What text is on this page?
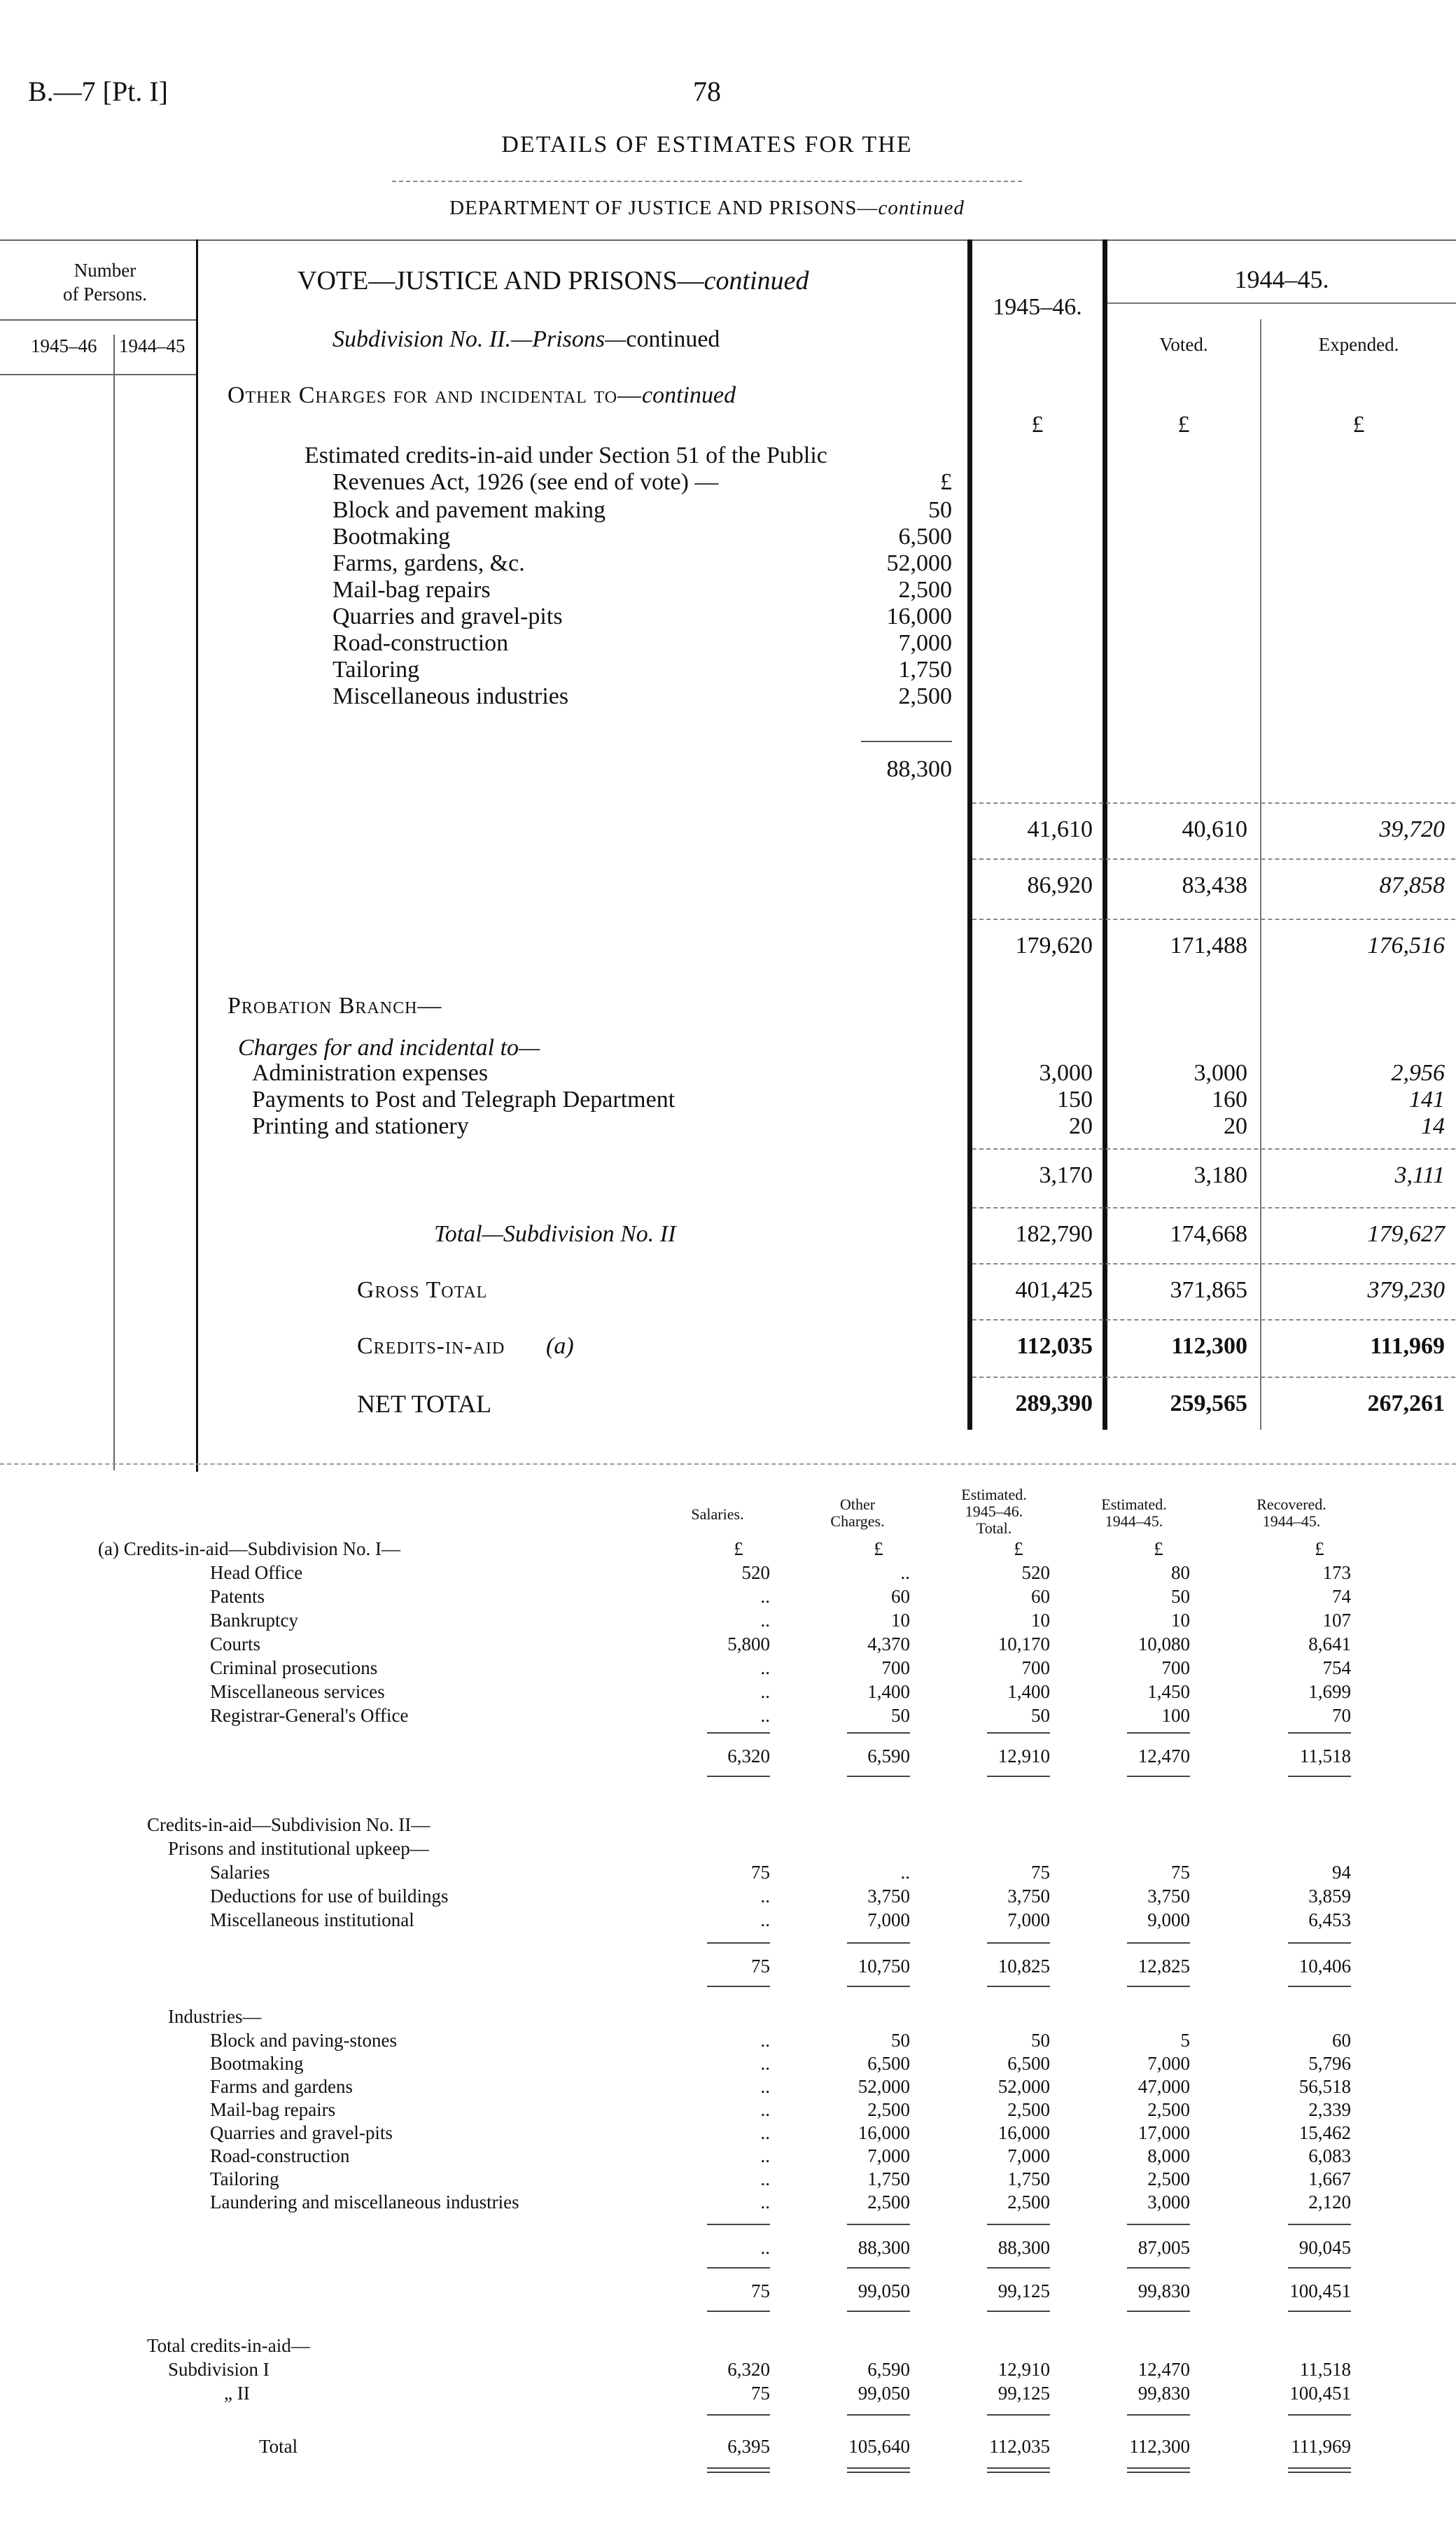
B.—7 [Pt. I]	78
DETAILS OF ESTIMATES FOR THE
DEPARTMENT OF JUSTICE AND PRISONS—continued
Number
of Persons.
1945–46 1944–45
1945–46.
1944–45.
Voted.	Expended.
£	£	£
VOTE—JUSTICE AND PRISONS—continued
Subdivision No. II.—Prisons—continued
Other Charges for and incidental to—continued
Estimated credits-in-aid under Section 51 of the Public
Revenues Act, 1926 (see end of vote) —	£
Block and pavement making	50
Bootmaking	6,500
Farms, gardens, &c.	52,000
Mail-bag repairs	2,500
Quarries and gravel-pits	16,000
Road-construction	7,000
Tailoring	1,750
Miscellaneous industries	2,500
88,300
41,610	40,610	39,720
86,920	83,438	87,858
179,620	171,488	176,516
Probation Branch—
Charges for and incidental to—
Administration expenses	3,000	3,000	2,956
Payments to Post and Telegraph Department	150	160	141
Printing and stationery	20	20	14
3,170	3,180	3,111
Total—Subdivision No. II	182,790	174,668	179,627
Gross Total	401,425	371,865	379,230
Credits-in-aid (a)	112,035	112,300	111,969
NET TOTAL	289,390	259,565	267,261
Salaries.
Other
Charges.
Estimated.
1945–46.
Total.
Estimated.
1944–45.
Recovered.
1944–45.
(a) Credits-in-aid—Subdivision No. I—	£	£	£	£	£
Head Office	520	..	520	80	173
Patents	..	60	60	50	74
Bankruptcy	..	10	10	10	107
Courts	5,800	4,370	10,170	10,080	8,641
Criminal prosecutions	..	700	700	700	754
Miscellaneous services	..	1,400	1,400	1,450	1,699
Registrar-General's Office	..	50	50	100	70
6,320	6,590	12,910	12,470	11,518
Credits-in-aid—Subdivision No. II—
Prisons and institutional upkeep—
Salaries	75	..	75	75	94
Deductions for use of buildings	..	3,750	3,750	3,750	3,859
Miscellaneous institutional	..	7,000	7,000	9,000	6,453
75	10,750	10,825	12,825	10,406
Industries—
Block and paving-stones	..	50	50	5	60
Bootmaking	..	6,500	6,500	7,000	5,796
Farms and gardens	..	52,000	52,000	47,000	56,518
Mail-bag repairs	..	2,500	2,500	2,500	2,339
Quarries and gravel-pits	..	16,000	16,000	17,000	15,462
Road-construction	..	7,000	7,000	8,000	6,083
Tailoring	..	1,750	1,750	2,500	1,667
Laundering and miscellaneous industries	..	2,500	2,500	3,000	2,120
..	88,300	88,300	87,005	90,045
75	99,050	99,125	99,830	100,451
Total credits-in-aid—
Subdivision I	6,320	6,590	12,910	12,470	11,518
„ II	75	99,050	99,125	99,830	100,451
Total	6,395	105,640	112,035	112,300	111,969
